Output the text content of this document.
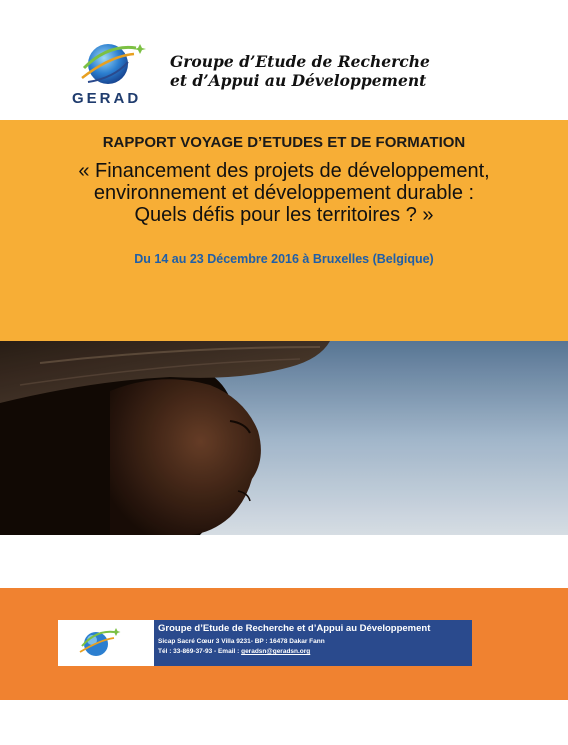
GERAD
Groupe d’Etude de Recherche
et d’Appui au Développement
RAPPORT VOYAGE D’ETUDES ET DE FORMATION
« Financement des projets de développement,
environnement et développement durable :
Quels défis pour les territoires ? »
Du 14 au 23 Décembre 2016 à Bruxelles (Belgique)
Groupe d’Etude de Recherche et d’Appui au Développement
Sicap Sacré Cœur 3 Villa 9231- BP : 16478 Dakar Fann
Tél : 33-869-37-93 - Email : geradsn@geradsn.org
